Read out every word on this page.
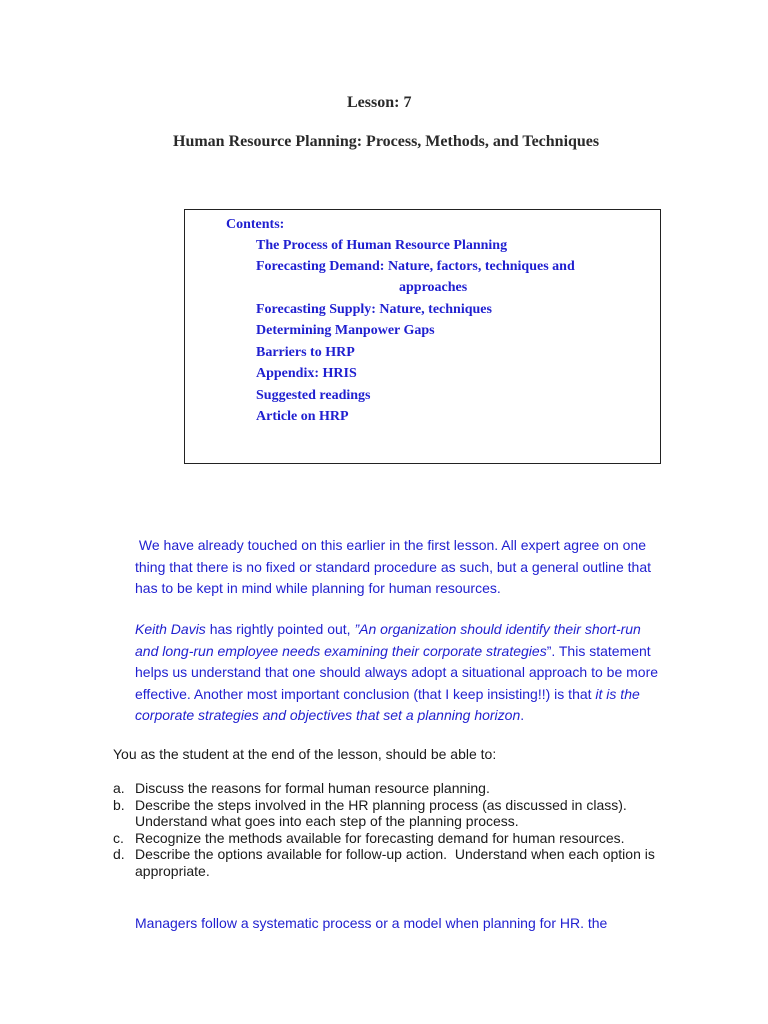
Lesson: 7
Human Resource Planning: Process, Methods, and Techniques
Contents:
The Process of Human Resource Planning
Forecasting Demand: Nature, factors, techniques and
approaches
Forecasting Supply: Nature, techniques
Determining Manpower Gaps
Barriers to HRP
Appendix: HRIS
Suggested readings
Article on HRP
We have already touched on this earlier in the first lesson. All expert agree on one
thing that there is no fixed or standard procedure as such, but a general outline that
has to be kept in mind while planning for human resources.
Keith Davis has rightly pointed out, ”An organization should identify their short-run
and long-run employee needs examining their corporate strategies”. This statement
helps us understand that one should always adopt a situational approach to be more
effective. Another most important conclusion (that I keep insisting!!) is that it is the
corporate strategies and objectives that set a planning horizon.
You as the student at the end of the lesson, should be able to:
a. Discuss the reasons for formal human resource planning.
b. Describe the steps involved in the HR planning process (as discussed in class).
Understand what goes into each step of the planning process.
c. Recognize the methods available for forecasting demand for human resources.
d. Describe the options available for follow-up action.  Understand when each option is
appropriate.
Managers follow a systematic process or a model when planning for HR. the
